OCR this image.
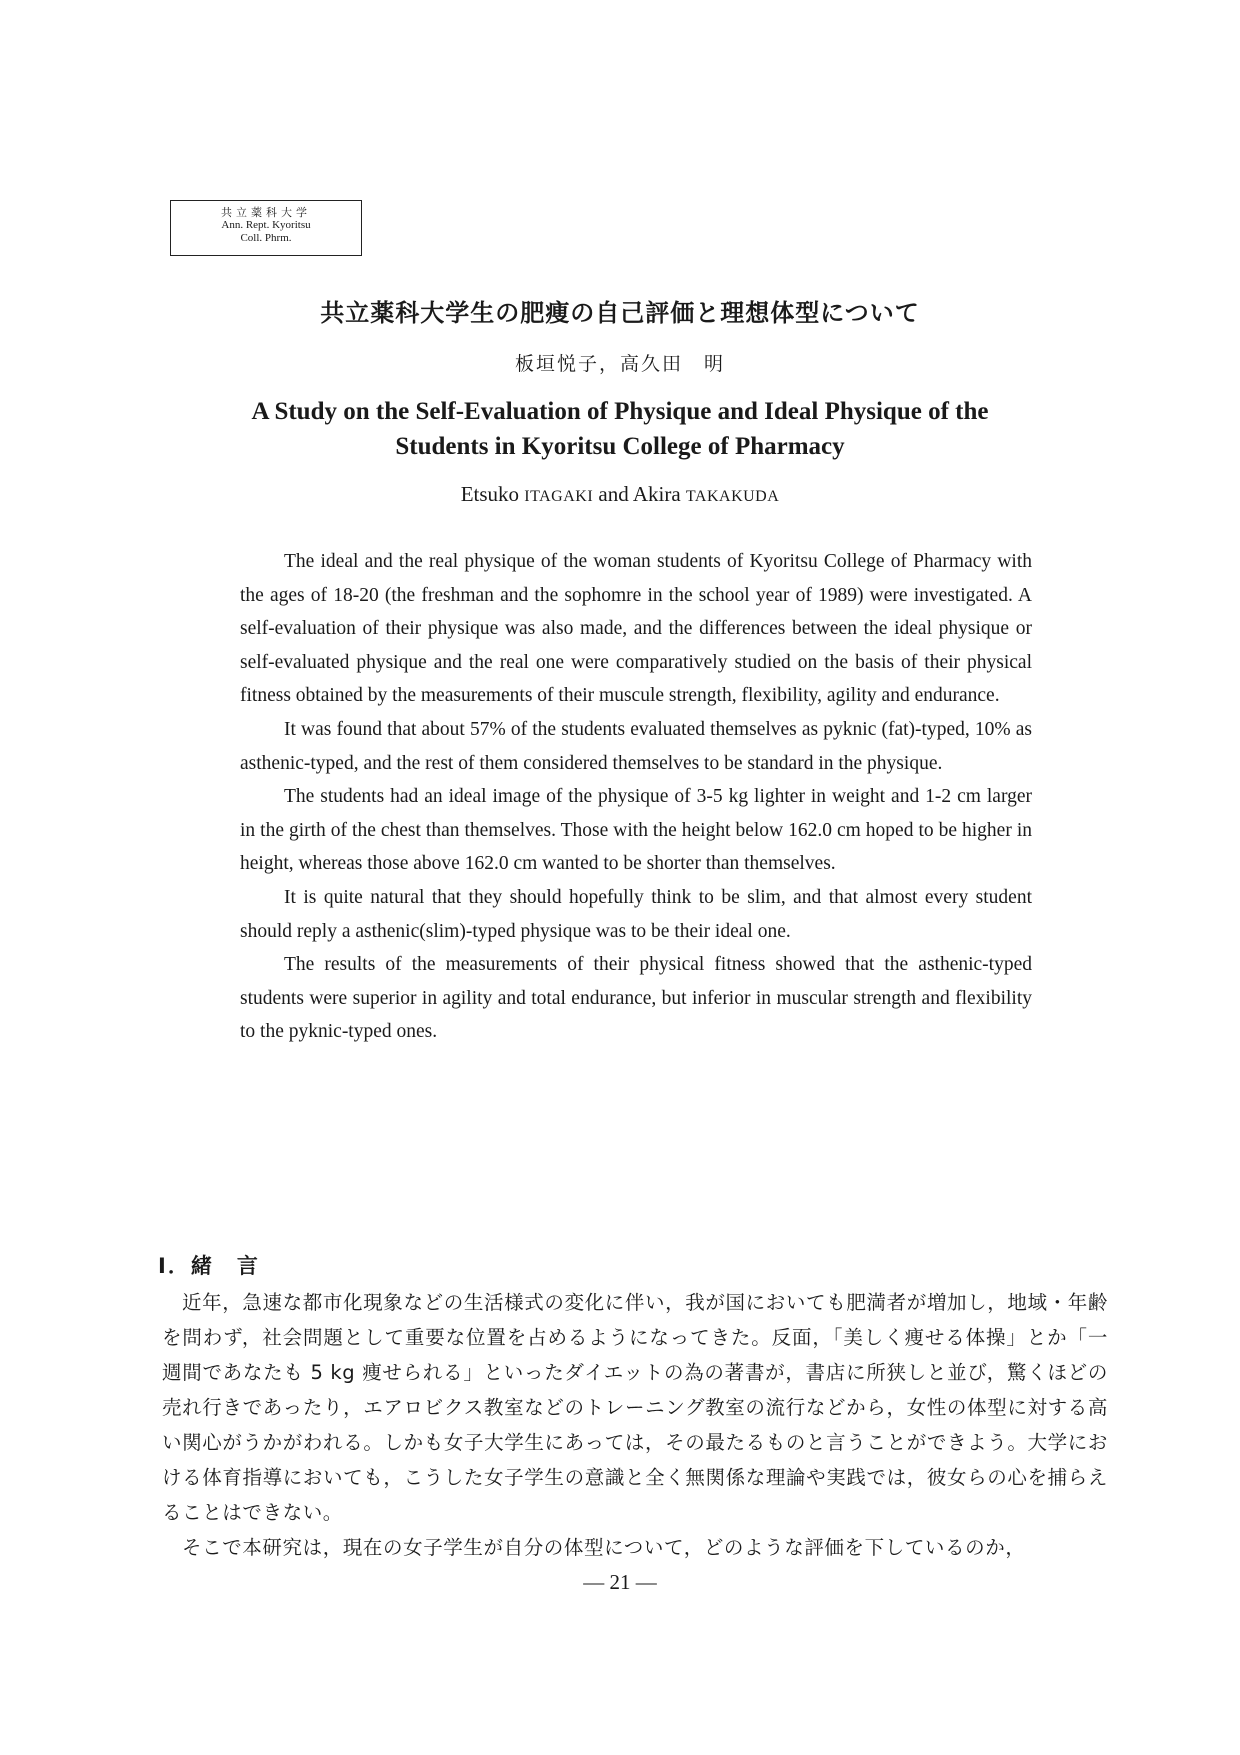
共立薬科大学
Ann. Rept. Kyoritsu
Coll. Phrm.
共立薬科大学生の肥痩の自己評価と理想体型について
板垣悦子，高久田　明
A Study on the Self-Evaluation of Physique and Ideal Physique of the
Students in Kyoritsu College of Pharmacy
Etsuko ITAGAKI and Akira TAKAKUDA

The ideal and the real physique of the woman students of Kyoritsu College of Pharmacy with the ages of 18-20 (the freshman and the sophomre in the school year of 1989) were investigated. A self-evaluation of their physique was also made, and the differences between the ideal physique or self-evaluated physique and the real one were comparatively studied on the basis of their physical fitness obtained by the measurements of their muscule strength, flexibility, agility and endurance.

It was found that about 57% of the students evaluated themselves as pyknic (fat)-typed, 10% as asthenic-typed, and the rest of them considered themselves to be standard in the physique.

The students had an ideal image of the physique of 3-5 kg lighter in weight and 1-2 cm larger in the girth of the chest than themselves. Those with the height below 162.0 cm hoped to be higher in height, whereas those above 162.0 cm wanted to be shorter than themselves.

It is quite natural that they should hopefully think to be slim, and that almost every student should reply a asthenic(slim)-typed physique was to be their ideal one.

The results of the measurements of their physical fitness showed that the asthenic-typed students were superior in agility and total endurance, but inferior in muscular strength and flexibility to the pyknic-typed ones.

Ⅰ．緒　言

近年，急速な都市化現象などの生活様式の変化に伴い，我が国においても肥満者が増加し，地域・年齢を問わず，社会問題として重要な位置を占めるようになってきた。反面，「美しく痩せる体操」とか「一週間であなたも 5 kg 痩せられる」といったダイエットの為の著書が，書店に所狭しと並び，驚くほどの売れ行きであったり，エアロビクス教室などのトレーニング教室の流行などから，女性の体型に対する高い関心がうかがわれる。しかも女子大学生にあっては，その最たるものと言うことができよう。大学における体育指導においても，こうした女子学生の意識と全く無関係な理論や実践では，彼女らの心を捕らえることはできない。

そこで本研究は，現在の女子学生が自分の体型について，どのような評価を下しているのか，

— 21 —
